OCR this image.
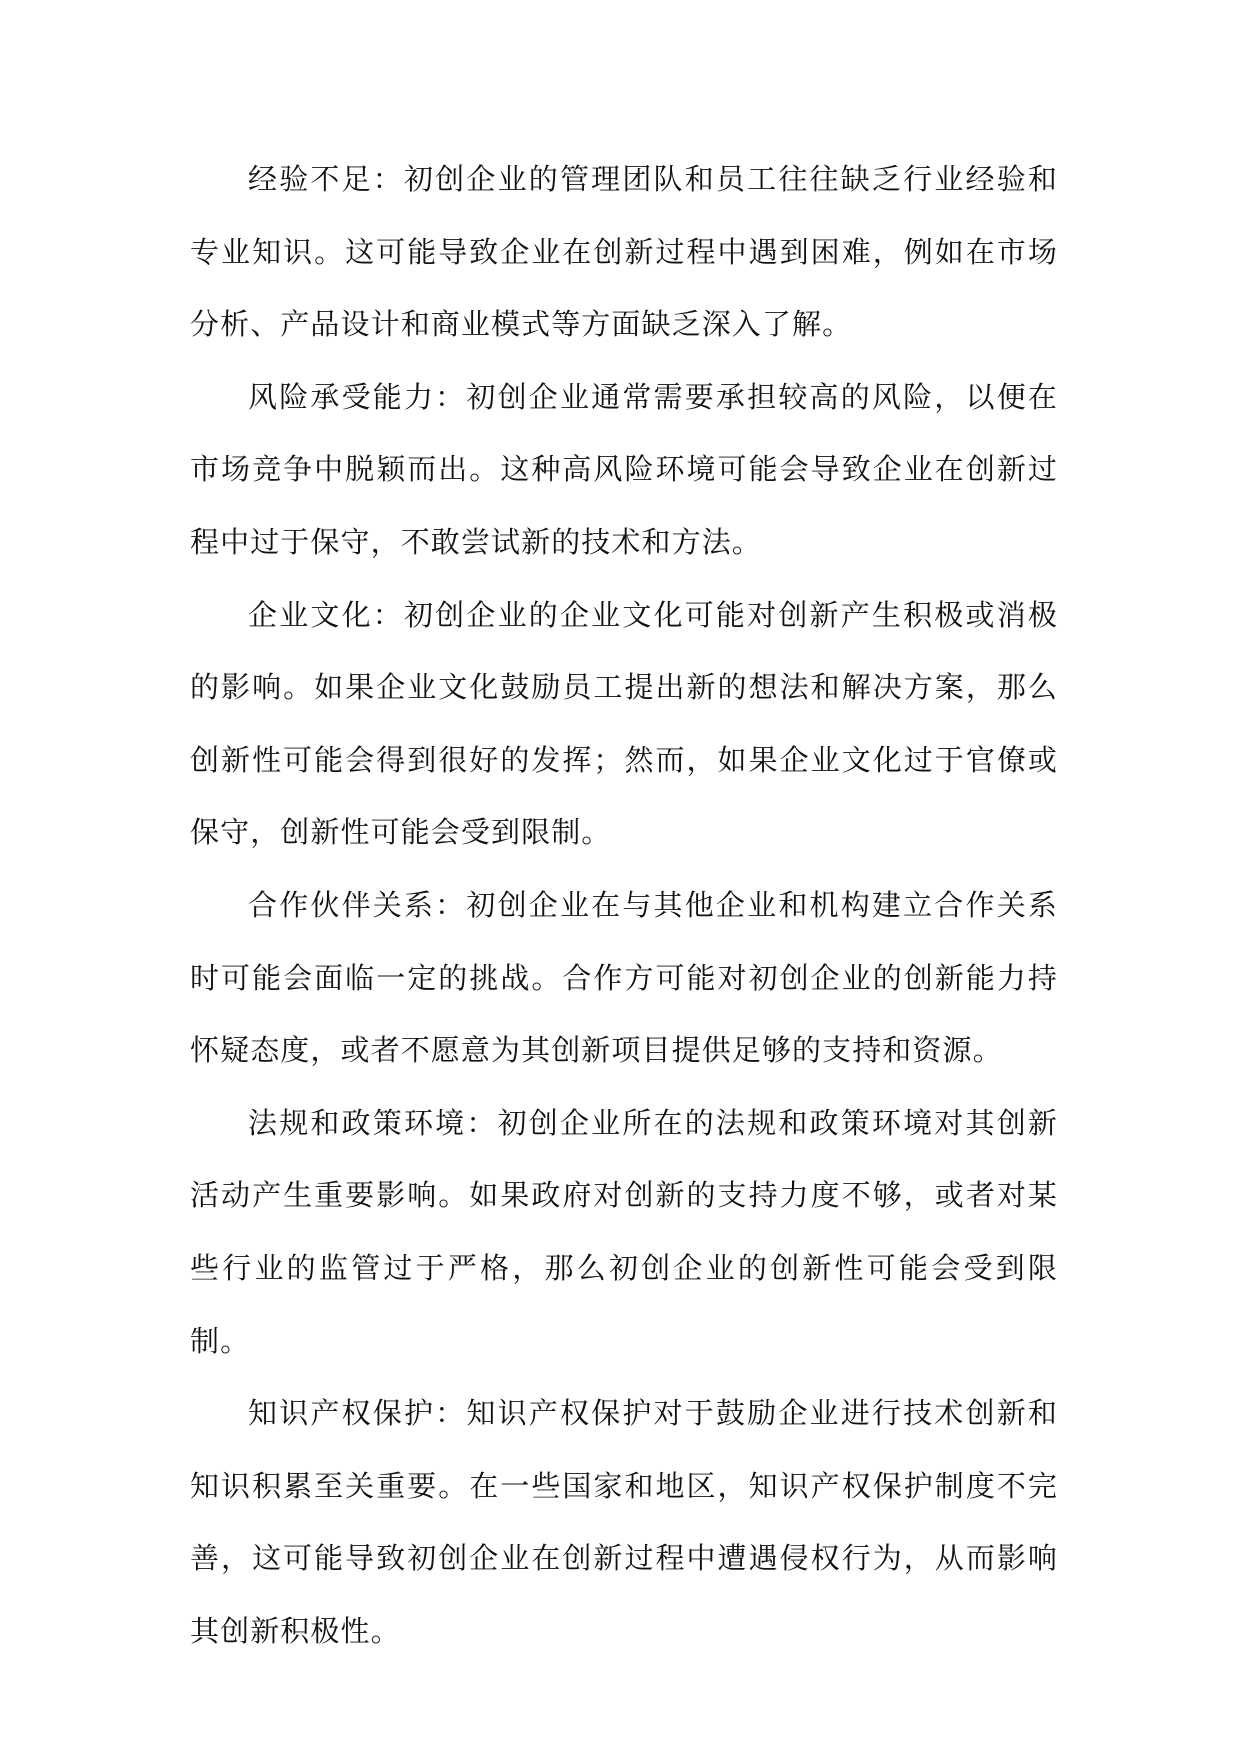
经验不足：初创企业的管理团队和员工往往缺乏行业经验和专业知识。这可能导致企业在创新过程中遇到困难，例如在市场分析、产品设计和商业模式等方面缺乏深入了解。

风险承受能力：初创企业通常需要承担较高的风险，以便在市场竞争中脱颖而出。这种高风险环境可能会导致企业在创新过程中过于保守，不敢尝试新的技术和方法。

企业文化：初创企业的企业文化可能对创新产生积极或消极的影响。如果企业文化鼓励员工提出新的想法和解决方案，那么创新性可能会得到很好的发挥；然而，如果企业文化过于官僚或保守，创新性可能会受到限制。

合作伙伴关系：初创企业在与其他企业和机构建立合作关系时可能会面临一定的挑战。合作方可能对初创企业的创新能力持怀疑态度，或者不愿意为其创新项目提供足够的支持和资源。

法规和政策环境：初创企业所在的法规和政策环境对其创新活动产生重要影响。如果政府对创新的支持力度不够，或者对某些行业的监管过于严格，那么初创企业的创新性可能会受到限制。

知识产权保护：知识产权保护对于鼓励企业进行技术创新和知识积累至关重要。在一些国家和地区，知识产权保护制度不完善，这可能导致初创企业在创新过程中遭遇侵权行为，从而影响其创新积极性。
